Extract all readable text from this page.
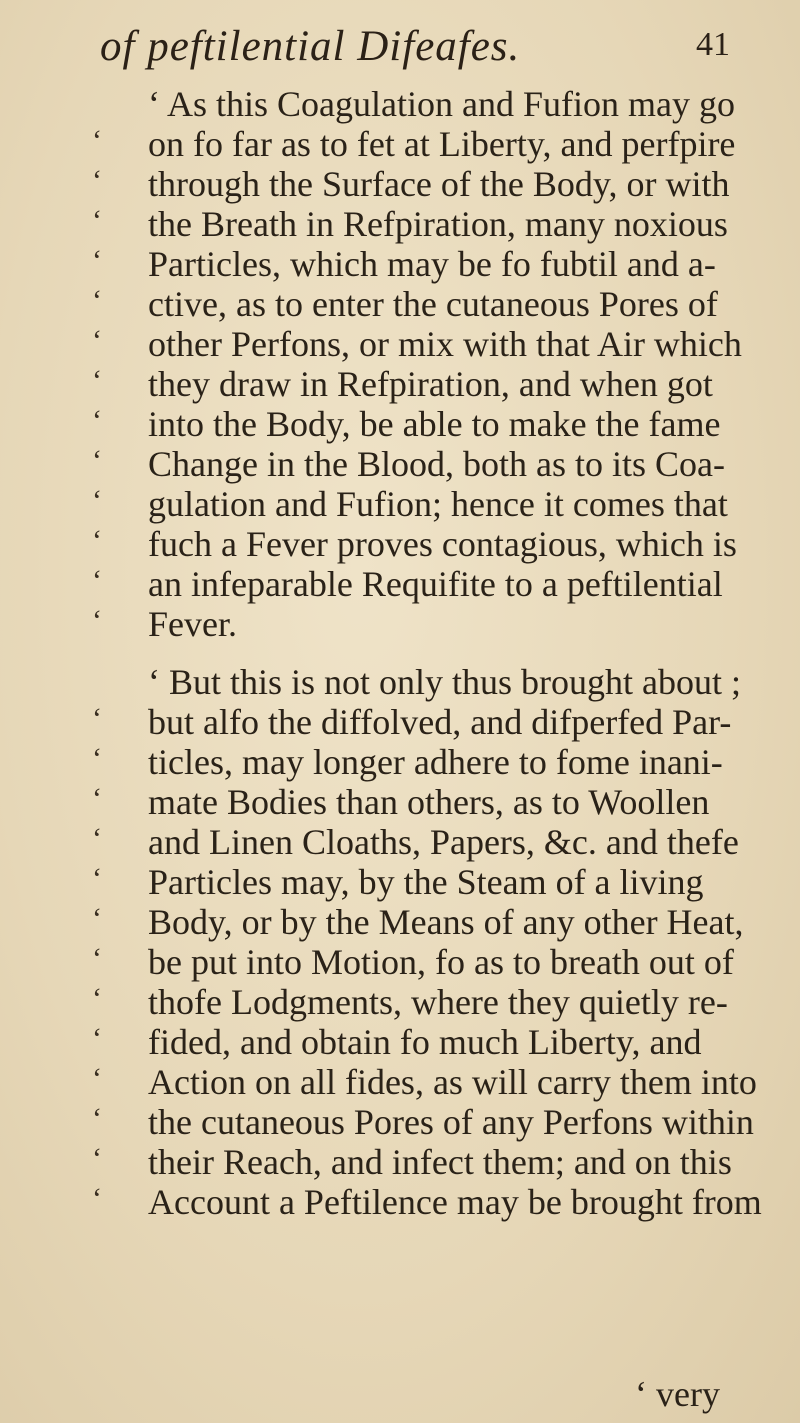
of peftilential Difeafes.	41
‘
‘
‘
‘
‘
‘
‘
‘
‘
‘
‘
‘
‘
‘
‘
‘
‘
‘
‘
‘
‘
‘
‘
‘
‘
‘
‘ As this Coagulation and Fufion may go
on fo far as to fet at Liberty, and perfpire
through the Surface of the Body, or with
the Breath in Refpiration, many noxious
Particles, which may be fo fubtil and a-
ctive, as to enter the cutaneous Pores of
other Perfons, or mix with that Air which
they draw in Refpiration, and when got
into the Body, be able to make the fame
Change in the Blood, both as to its Coa-
gulation and Fufion; hence it comes that
fuch a Fever proves contagious, which is
an infeparable Requifite to a peftilential
Fever.
‘ But this is not only thus brought about ;
but alfo the diffolved, and difperfed Par-
ticles, may longer adhere to fome inani-
mate Bodies than others, as to Woollen
and Linen Cloaths, Papers, &c. and thefe
Particles may, by the Steam of a living
Body, or by the Means of any other Heat,
be put into Motion, fo as to breath out of
thofe Lodgments, where they quietly re-
fided, and obtain fo much Liberty, and
Action on all fides, as will carry them into
the cutaneous Pores of any Perfons within
their Reach, and infect them; and on this
Account a Peftilence may be brought from
‘ very
